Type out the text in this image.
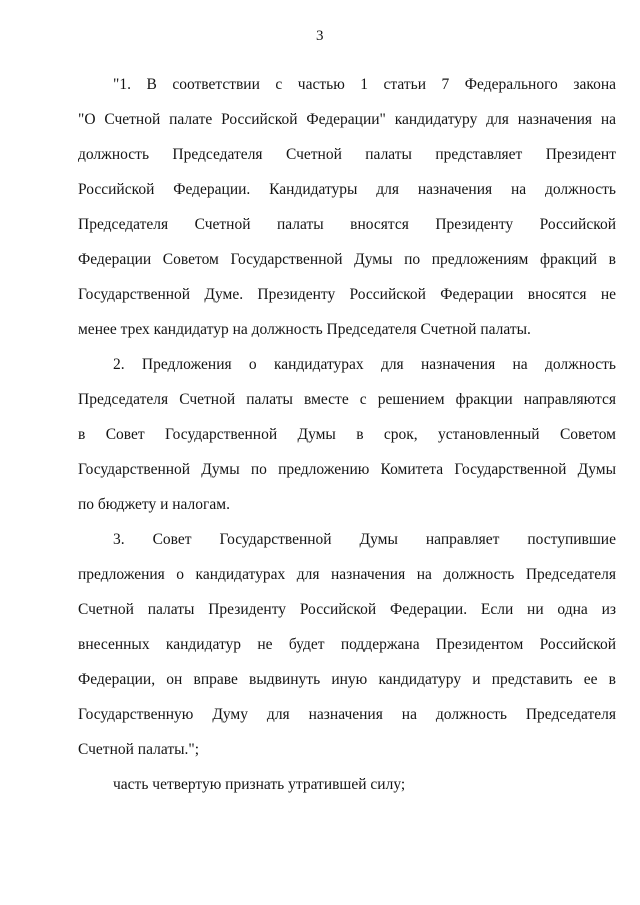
3
"1. В соответствии с частью 1 статьи 7 Федерального закона
"О Счетной палате Российской Федерации" кандидатуру для назначения на
должность Председателя Счетной палаты представляет Президент
Российской Федерации. Кандидатуры для назначения на должность
Председателя Счетной палаты вносятся Президенту Российской
Федерации Советом Государственной Думы по предложениям фракций в
Государственной Думе. Президенту Российской Федерации вносятся не
менее трех кандидатур на должность Председателя Счетной палаты.
2. Предложения о кандидатурах для назначения на должность
Председателя Счетной палаты вместе с решением фракции направляются
в Совет Государственной Думы в срок, установленный Советом
Государственной Думы по предложению Комитета Государственной Думы
по бюджету и налогам.
3. Совет Государственной Думы направляет поступившие
предложения о кандидатурах для назначения на должность Председателя
Счетной палаты Президенту Российской Федерации. Если ни одна из
внесенных кандидатур не будет поддержана Президентом Российской
Федерации, он вправе выдвинуть иную кандидатуру и представить ее в
Государственную Думу для назначения на должность Председателя
Счетной палаты.";
часть четвертую признать утратившей силу;
